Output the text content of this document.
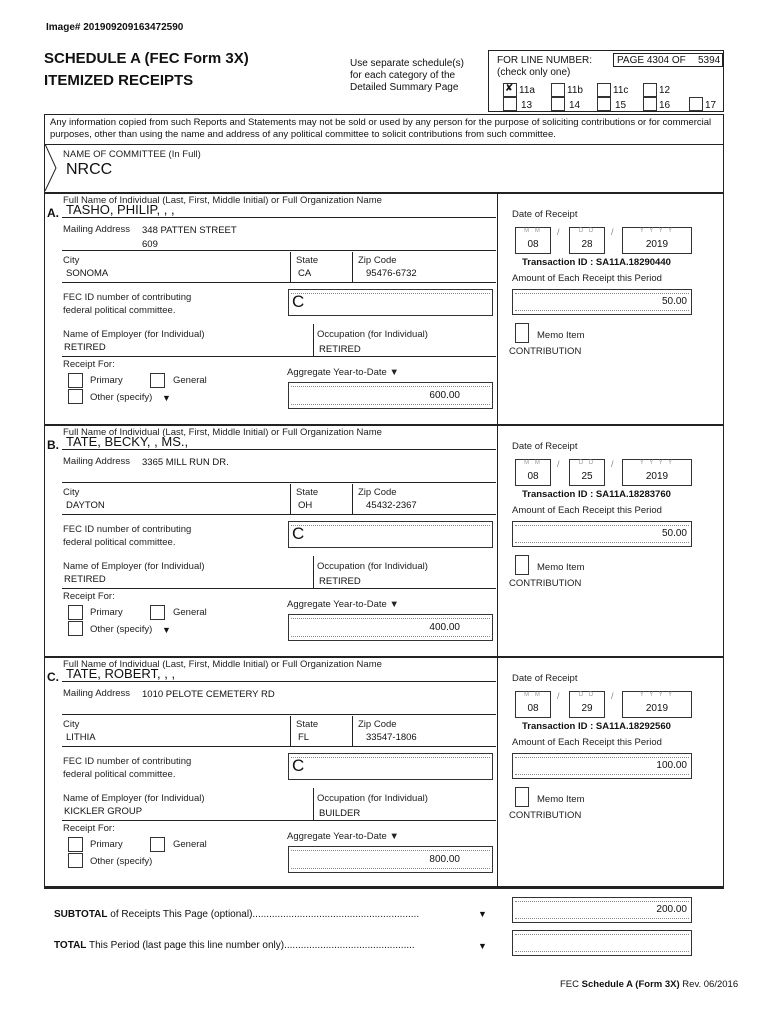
Image# 201909209163472590
SCHEDULE A (FEC Form 3X)
ITEMIZED RECEIPTS
Use separate schedule(s)
for each category of the
Detailed Summary Page
FOR LINE NUMBER:
(check only one)
PAGE 4304 OF 5394
✘ 11a	11b	11c	12
13	14	15	16	17
Any information copied from such Reports and Statements may not be sold or used by any person for the purpose of soliciting contributions or for commercial purposes, other than using the name and address of any political committee to solicit contributions from such committee.
NAME OF COMMITTEE (In Full)
NRCC
Full Name of Individual (Last, First, Middle Initial) or Full Organization Name
A. TASHO, PHILIP, , ,
Mailing Address 348 PATTEN STREET
609
City
SONOMA
State
CA
Zip Code
95476-6732
FEC ID number of contributing
federal political committee.	C
Name of Employer (for Individual)
RETIRED
Occupation (for Individual)
RETIRED
Receipt For:
Primary	General
Other (specify) ▼
Aggregate Year-to-Date ▼
600.00
Date of Receipt
M M
08
/	D D
28
/	Y Y Y Y
2019
Transaction ID : SA11A.18290440
Amount of Each Receipt this Period
50.00
Memo Item
CONTRIBUTION
Full Name of Individual (Last, First, Middle Initial) or Full Organization Name
B. TATE, BECKY, , MS.,
Mailing Address 3365 MILL RUN DR.
City
DAYTON
State
OH
Zip Code
45432-2367
FEC ID number of contributing
federal political committee.	C
Name of Employer (for Individual)
RETIRED
Occupation (for Individual)
RETIRED
Receipt For:
Primary	General
Other (specify) ▼
Aggregate Year-to-Date ▼
400.00
Date of Receipt
M M
08
/	D D
25
/	Y Y Y Y
2019
Transaction ID : SA11A.18283760
Amount of Each Receipt this Period
50.00
Memo Item
CONTRIBUTION
Full Name of Individual (Last, First, Middle Initial) or Full Organization Name
C. TATE, ROBERT, , ,
Mailing Address 1010 PELOTE CEMETERY RD
City
LITHIA
State
FL
Zip Code
33547-1806
FEC ID number of contributing
federal political committee.	C
Name of Employer (for Individual)
KICKLER GROUP
Occupation (for Individual)
BUILDER
Receipt For:
Primary	General
Other (specify)
Aggregate Year-to-Date ▼
800.00
Date of Receipt
M M
08
/	D D
29
/	Y Y Y Y
2019
Transaction ID : SA11A.18292560
Amount of Each Receipt this Period
100.00
Memo Item
CONTRIBUTION
SUBTOTAL of Receipts This Page (optional)............................................................	▼	200.00
TOTAL This Period (last page this line number only)...............................................	▼
FEC Schedule A (Form 3X) Rev. 06/2016
